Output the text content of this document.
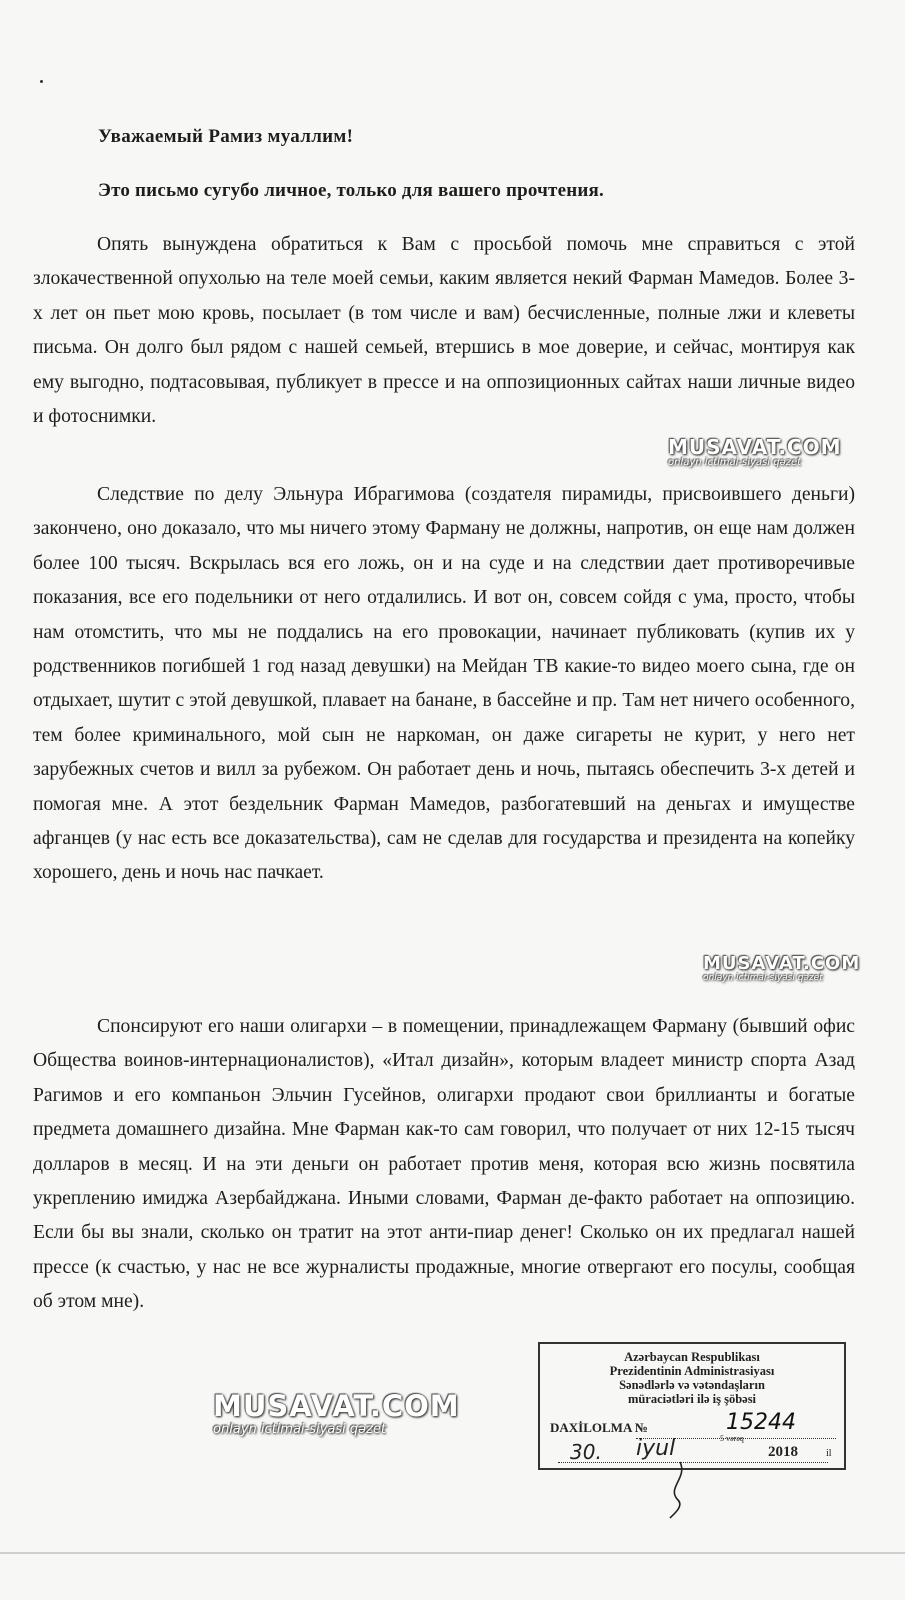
Уважаемый Рамиз муаллим!
Это письмо сугубо личное, только для вашего прочтения.

Опять вынуждена обратиться к Вам с просьбой помочь мне справиться с этой злокачественной опухолью на теле моей семьи, каким является некий Фарман Мамедов. Более 3-х лет он пьет мою кровь, посылает (в том числе и вам) бесчисленные, полные лжи и клеветы письма. Он долго был рядом с нашей семьей, втершись в мое доверие, и сейчас, монтируя как ему выгодно, подтасовывая, публикует в прессе и на оппозиционных сайтах наши личные видео и фотоснимки.

Следствие по делу Эльнура Ибрагимова (создателя пирамиды, присвоившего деньги) закончено, оно доказало, что мы ничего этому Фарману не должны, напротив, он еще нам должен более 100 тысяч. Вскрылась вся его ложь, он и на суде и на следствии дает противоречивые показания, все его подельники от него отдалились. И вот он, совсем сойдя с ума, просто, чтобы нам отомстить, что мы не поддались на его провокации, начинает публиковать (купив их у родственников погибшей 1 год назад девушки) на Мейдан ТВ какие-то видео моего сына, где он отдыхает, шутит с этой девушкой, плавает на банане, в бассейне и пр. Там нет ничего особенного, тем более криминального, мой сын не наркоман, он даже сигареты не курит, у него нет зарубежных счетов и вилл за рубежом. Он работает день и ночь, пытаясь обеспечить 3-х детей и помогая мне. А этот бездельник Фарман Мамедов, разбогатевший на деньгах и имуществе афганцев (у нас есть все доказательства), сам не сделав для государства и президента на копейку хорошего, день и ночь нас пачкает.

Спонсируют его наши олигархи – в помещении, принадлежащем Фарману (бывший офис Общества воинов-интернационалистов), «Итал дизайн», которым владеет министр спорта Азад Рагимов и его компаньон Эльчин Гусейнов, олигархи продают свои бриллианты и богатые предмета домашнего дизайна. Мне Фарман как-то сам говорил, что получает от них 12-15 тысяч долларов в месяц. И на эти деньги он работает против меня, которая всю жизнь посвятила укреплению имиджа Азербайджана. Иными словами, Фарман де-факто работает на оппозицию. Если бы вы знали, сколько он тратит на этот анти-пиар денег! Сколько он их предлагал нашей прессе (к счастью, у нас не все журналисты продажные, многие отвергают его посулы, сообщая об этом мне).

MUSAVAT.COM
onlayn ictimai-siyasi qəzet
MUSAVAT.COM
onlayn ictimai-siyasi qəzet
MUSAVAT.COM
onlayn ictimai-siyasi qəzet
Azərbaycan Respublikası
Prezidentinin Administrasiyası
Sənədlərlə və vətəndaşların
müraciətləri ilə iş şöbəsi
DAXİLOLMA №	15244
5 vərəq
30. iyul	2018	il
